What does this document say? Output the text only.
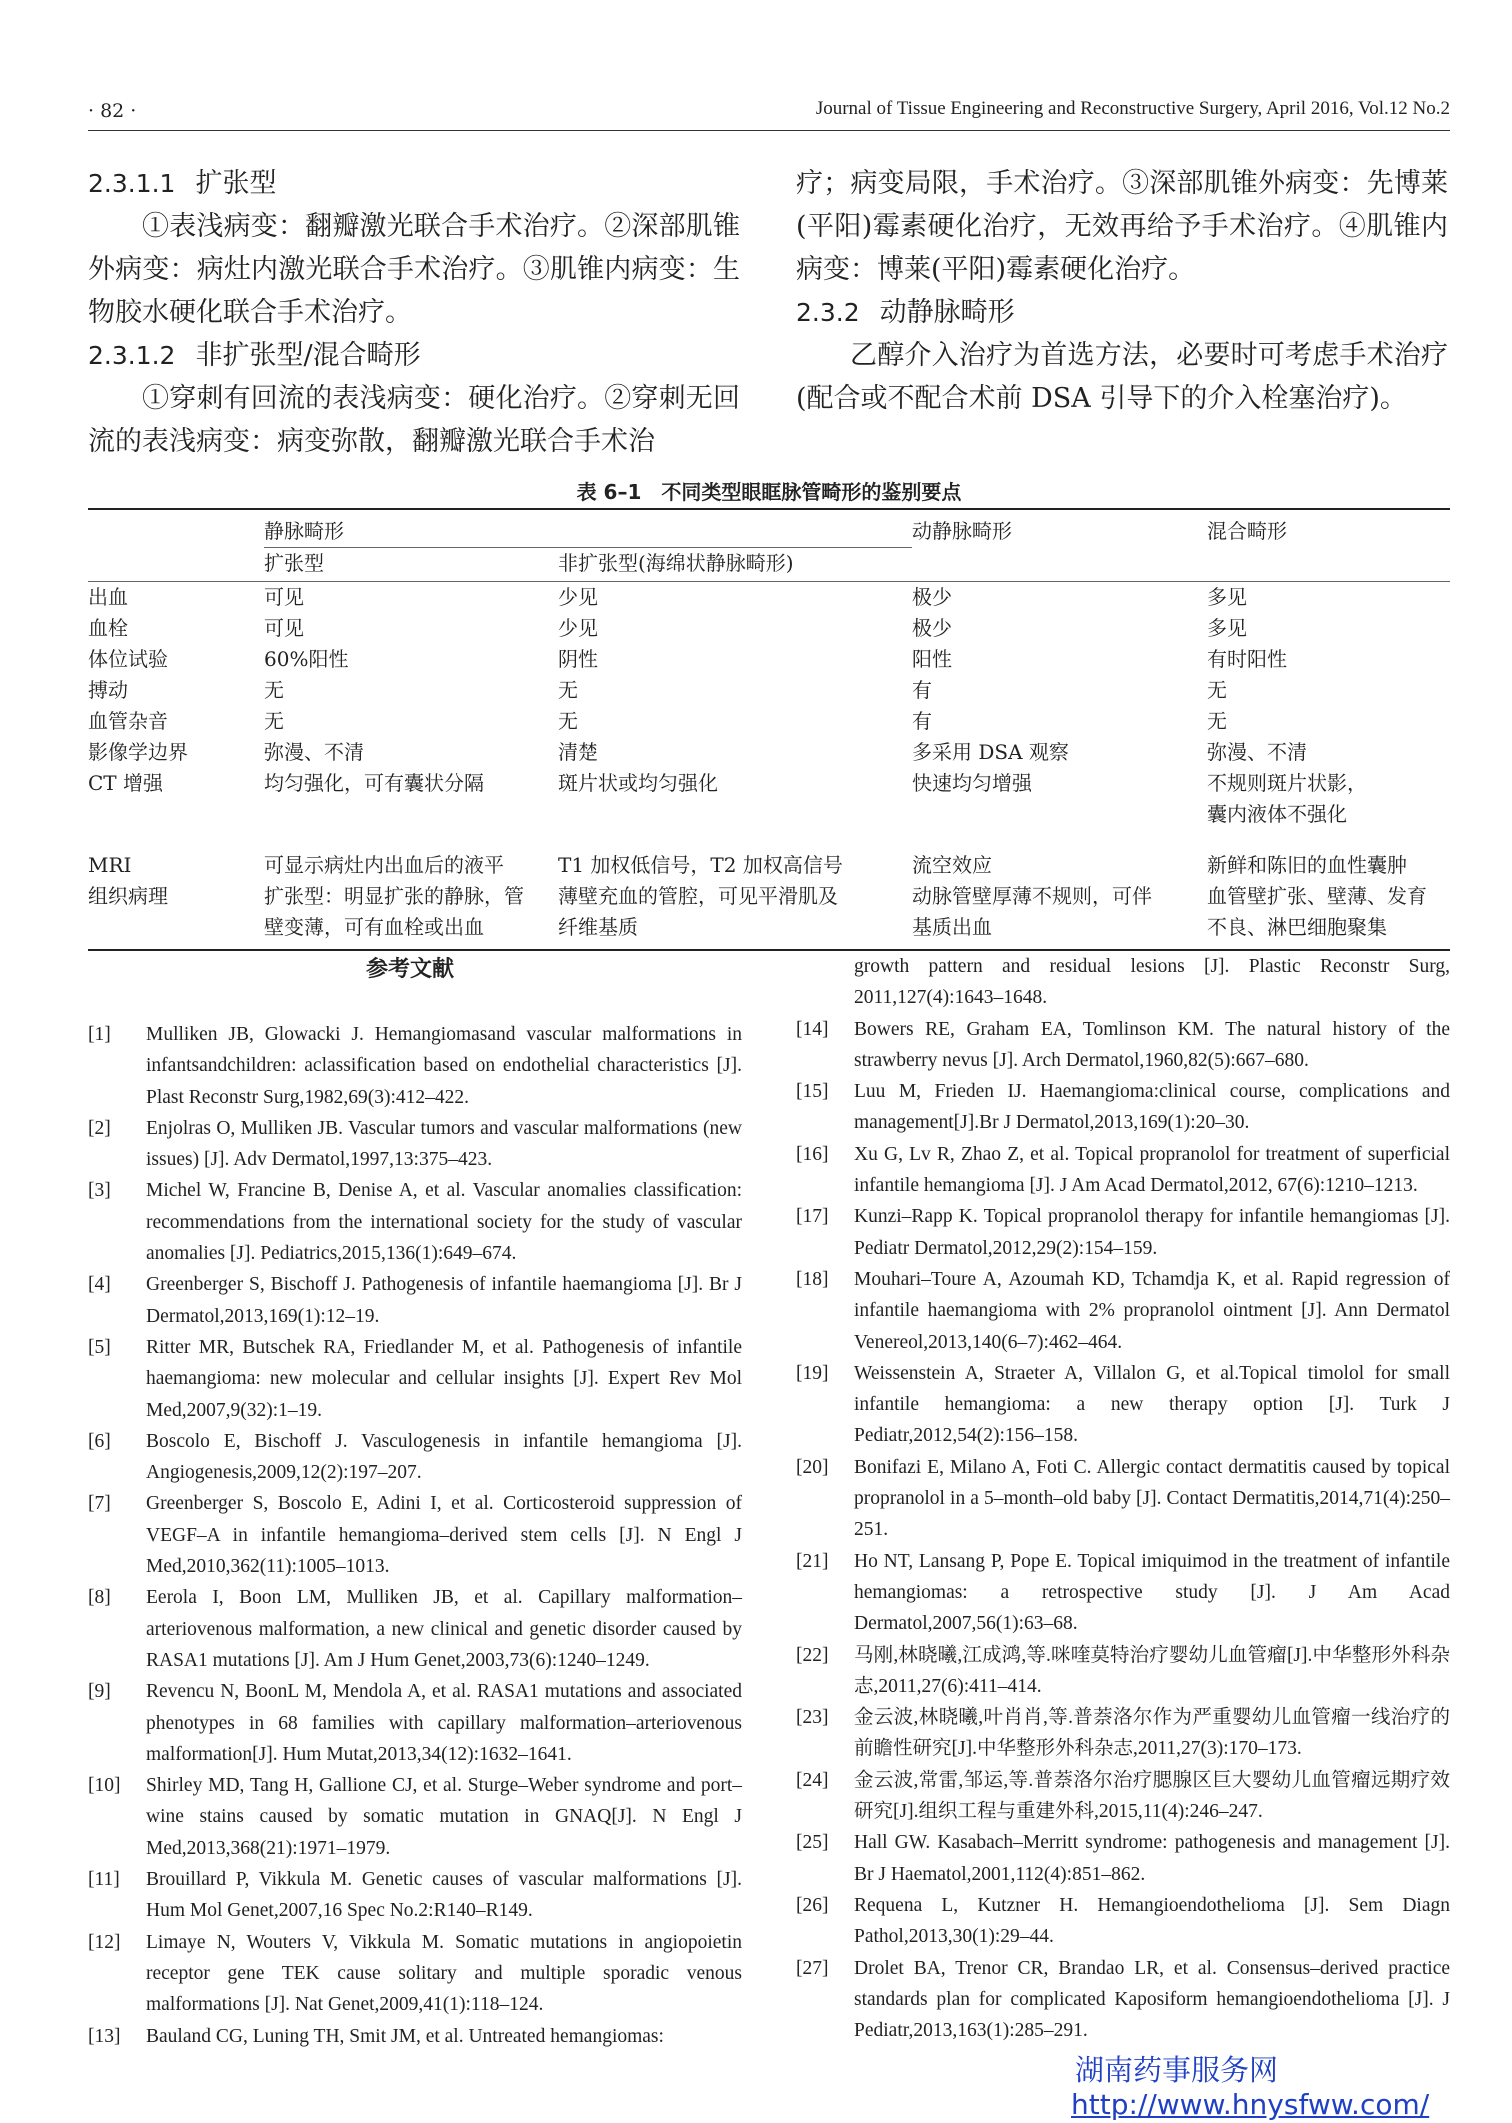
· 82 ·	Journal of Tissue Engineering and Reconstructive Surgery, April 2016, Vol.12 No.2
2.3.1.1 扩张型

①表浅病变：翻瓣激光联合手术治疗。②深部肌锥外病变：病灶内激光联合手术治疗。③肌锥内病变：生物胶水硬化联合手术治疗。

2.3.1.2 非扩张型/混合畸形

①穿刺有回流的表浅病变：硬化治疗。②穿刺无回流的表浅病变：病变弥散，翻瓣激光联合手术治

疗；病变局限，手术治疗。③深部肌锥外病变：先博莱(平阳)霉素硬化治疗，无效再给予手术治疗。④肌锥内病变：博莱(平阳)霉素硬化治疗。

2.3.2 动静脉畸形

乙醇介入治疗为首选方法，必要时可考虑手术治疗(配合或不配合术前 DSA 引导下的介入栓塞治疗)。

表 6–1　不同类型眼眶脉管畸形的鉴别要点
	静脉畸形		动静脉畸形	混合畸形
	扩张型	非扩张型(海绵状静脉畸形)		
出血	可见	少见	极少	多见
血栓	可见	少见	极少	多见
体位试验	60%阳性	阴性	阳性	有时阳性
搏动	无	无	有	无
血管杂音	无	无	有	无
影像学边界	弥漫、不清	清楚	多采用 DSA 观察	弥漫、不清
CT 增强	均匀强化，可有囊状分隔	斑片状或均匀强化	快速均匀增强	不规则斑片状影，
				囊内液体不强化
MRI	可显示病灶内出血后的液平	T1 加权低信号，T2 加权高信号	流空效应	新鲜和陈旧的血性囊肿
组织病理	扩张型：明显扩张的静脉，管	薄壁充血的管腔，可见平滑肌及	动脉管壁厚薄不规则，可伴	血管壁扩张、壁薄、发育
	壁变薄，可有血栓或出血	纤维基质	基质出血	不良、淋巴细胞聚集
参考文献
[1]	Mulliken JB, Glowacki J. Hemangiomasand vascular malformations in infantsandchildren: aclassification based on endothelial characteristics [J]. Plast Reconstr Surg,1982,69(3):412–422.
[2]	Enjolras O, Mulliken JB. Vascular tumors and vascular malformations (new issues) [J]. Adv Dermatol,1997,13:375–423.
[3]	Michel W, Francine B, Denise A, et al. Vascular anomalies classification: recommendations from the international society for the study of vascular anomalies [J]. Pediatrics,2015,136(1):649–674.
[4]	Greenberger S, Bischoff J. Pathogenesis of infantile haemangioma [J]. Br J Dermatol,2013,169(1):12–19.
[5]	Ritter MR, Butschek RA, Friedlander M, et al. Pathogenesis of infantile haemangioma: new molecular and cellular insights [J]. Expert Rev Mol Med,2007,9(32):1–19.
[6]	Boscolo E, Bischoff J. Vasculogenesis in infantile hemangioma [J]. Angiogenesis,2009,12(2):197–207.
[7]	Greenberger S, Boscolo E, Adini I, et al. Corticosteroid suppression of VEGF–A in infantile hemangioma–derived stem cells [J]. N Engl J Med,2010,362(11):1005–1013.
[8]	Eerola I, Boon LM, Mulliken JB, et al. Capillary malformation–arteriovenous malformation, a new clinical and genetic disorder caused by RASA1 mutations [J]. Am J Hum Genet,2003,73(6):1240–1249.
[9]	Revencu N, BoonL M, Mendola A, et al. RASA1 mutations and associated phenotypes in 68 families with capillary malformation–arteriovenous malformation[J]. Hum Mutat,2013,34(12):1632–1641.
[10]	Shirley MD, Tang H, Gallione CJ, et al. Sturge–Weber syndrome and port–wine stains caused by somatic mutation in GNAQ[J]. N Engl J Med,2013,368(21):1971–1979.
[11]	Brouillard P, Vikkula M. Genetic causes of vascular malformations [J]. Hum Mol Genet,2007,16 Spec No.2:R140–R149.
[12]	Limaye N, Wouters V, Vikkula M. Somatic mutations in angiopoietin receptor gene TEK cause solitary and multiple sporadic venous malformations [J]. Nat Genet,2009,41(1):118–124.
[13]	Bauland CG, Luning TH, Smit JM, et al. Untreated hemangiomas:
growth pattern and residual lesions [J]. Plastic Reconstr Surg, 2011,127(4):1643–1648.
[14]	Bowers RE, Graham EA, Tomlinson KM. The natural history of the strawberry nevus [J]. Arch Dermatol,1960,82(5):667–680.
[15]	Luu M, Frieden IJ. Haemangioma:clinical course, complications and management[J].Br J Dermatol,2013,169(1):20–30.
[16]	Xu G, Lv R, Zhao Z, et al. Topical propranolol for treatment of superficial infantile hemangioma [J]. J Am Acad Dermatol,2012, 67(6):1210–1213.
[17]	Kunzi–Rapp K. Topical propranolol therapy for infantile hemangiomas [J]. Pediatr Dermatol,2012,29(2):154–159.
[18]	Mouhari–Toure A, Azoumah KD, Tchamdja K, et al. Rapid regression of infantile haemangioma with 2% propranolol ointment [J]. Ann Dermatol Venereol,2013,140(6–7):462–464.
[19]	Weissenstein A, Straeter A, Villalon G, et al.Topical timolol for small infantile hemangioma: a new therapy option [J]. Turk J Pediatr,2012,54(2):156–158.
[20]	Bonifazi E, Milano A, Foti C. Allergic contact dermatitis caused by topical propranolol in a 5–month–old baby [J]. Contact Dermatitis,2014,71(4):250–251.
[21]	Ho NT, Lansang P, Pope E. Topical imiquimod in the treatment of infantile hemangiomas: a retrospective study [J]. J Am Acad Dermatol,2007,56(1):63–68.
[22]	马刚,林晓曦,江成鸿,等.咪喹莫特治疗婴幼儿血管瘤[J].中华整形外科杂志,2011,27(6):411–414.
[23]	金云波,林晓曦,叶肖肖,等.普萘洛尔作为严重婴幼儿血管瘤一线治疗的前瞻性研究[J].中华整形外科杂志,2011,27(3):170–173.
[24]	金云波,常雷,邹运,等.普萘洛尔治疗腮腺区巨大婴幼儿血管瘤远期疗效研究[J].组织工程与重建外科,2015,11(4):246–247.
[25]	Hall GW. Kasabach–Merritt syndrome: pathogenesis and management [J]. Br J Haematol,2001,112(4):851–862.
[26]	Requena L, Kutzner H. Hemangioendothelioma [J]. Sem Diagn Pathol,2013,30(1):29–44.
[27]	Drolet BA, Trenor CR, Brandao LR, et al. Consensus–derived practice standards plan for complicated Kaposiform hemangioendothelioma [J]. J Pediatr,2013,163(1):285–291.
湖南药事服务网
http://www.hnysfww.com/
